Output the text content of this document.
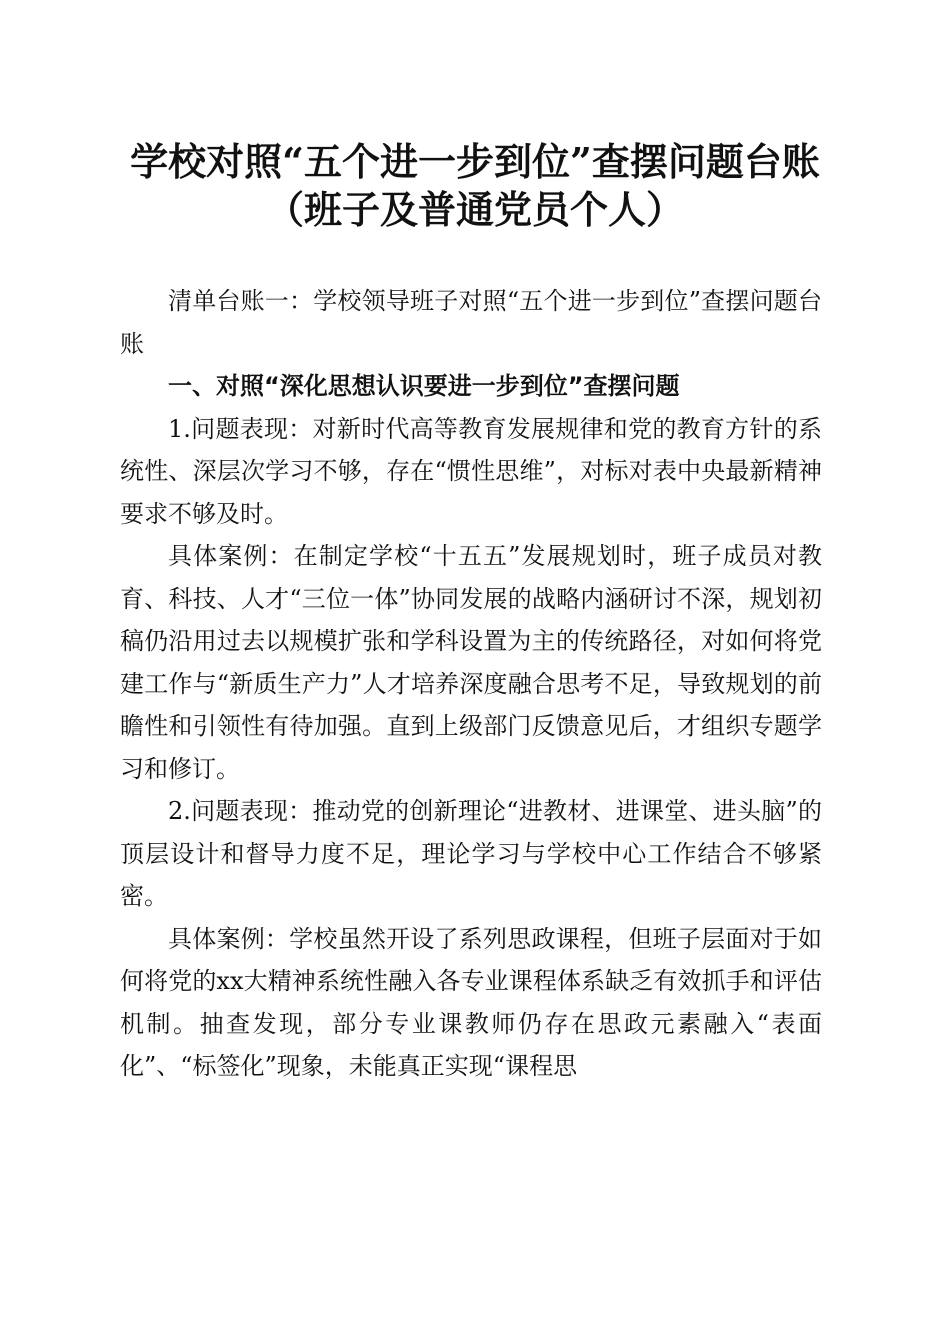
学校对照“五个进一步到位”查摆问题台账
（班子及普通党员个人）

清单台账一：学校领导班子对照“五个进一步到位”查摆问题台账

一、对照“深化思想认识要进一步到位”查摆问题

1.问题表现：对新时代高等教育发展规律和党的教育方针的系统性、深层次学习不够，存在“惯性思维”，对标对表中央最新精神要求不够及时。

具体案例：在制定学校“十五五”发展规划时，班子成员对教育、科技、人才“三位一体”协同发展的战略内涵研讨不深，规划初稿仍沿用过去以规模扩张和学科设置为主的传统路径，对如何将党建工作与“新质生产力”人才培养深度融合思考不足，导致规划的前瞻性和引领性有待加强。直到上级部门反馈意见后，才组织专题学习和修订。

2.问题表现：推动党的创新理论“进教材、进课堂、进头脑”的顶层设计和督导力度不足，理论学习与学校中心工作结合不够紧密。

具体案例：学校虽然开设了系列思政课程，但班子层面对于如何将党的xx大精神系统性融入各专业课程体系缺乏有效抓手和评估机制。抽查发现，部分专业课教师仍存在思政元素融入“表面化”、“标签化”现象，未能真正实现“课程思
